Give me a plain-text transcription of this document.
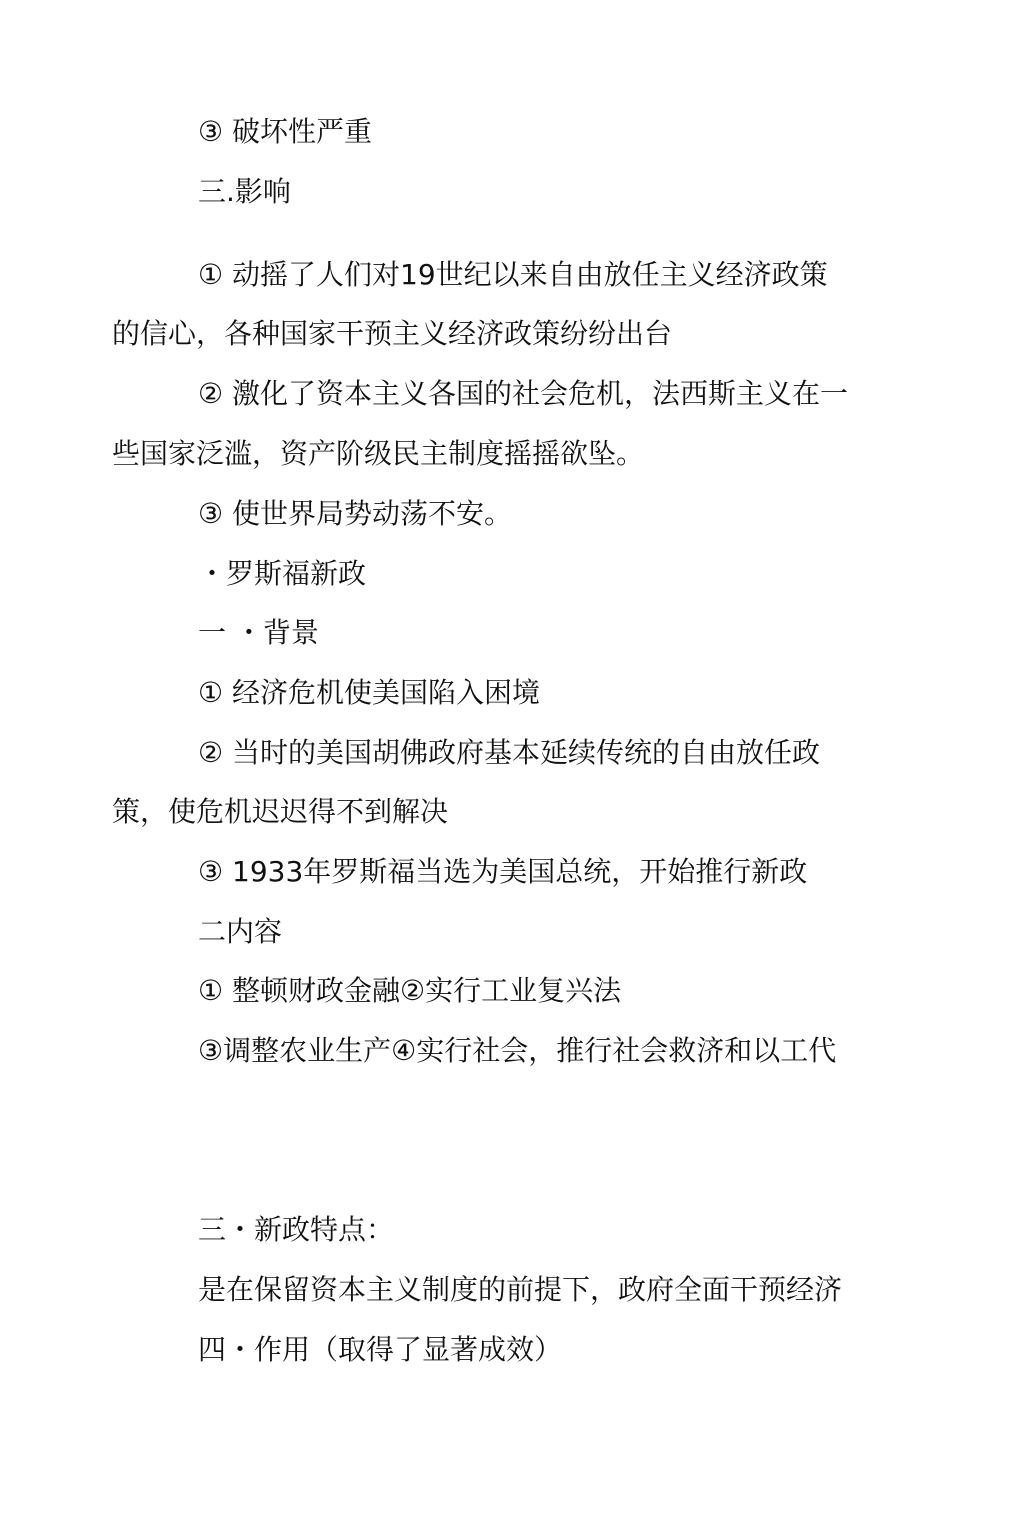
③ 破坏性严重
三.影响
① 动摇了人们对19世纪以来自由放任主义经济政策
的信心，各种国家干预主义经济政策纷纷出台
② 激化了资本主义各国的社会危机，法西斯主义在一
些国家泛滥，资产阶级民主制度摇摇欲坠。
③ 使世界局势动荡不安。
・罗斯福新政
一 ・背景
① 经济危机使美国陷入困境
② 当时的美国胡佛政府基本延续传统的自由放任政
策，使危机迟迟得不到解决
③ 1933年罗斯福当选为美国总统，开始推行新政
二内容
① 整顿财政金融②实行工业复兴法
③调整农业生产④实行社会，推行社会救济和以工代
三・新政特点：
是在保留资本主义制度的前提下，政府全面干预经济
四・作用（取得了显著成效）
